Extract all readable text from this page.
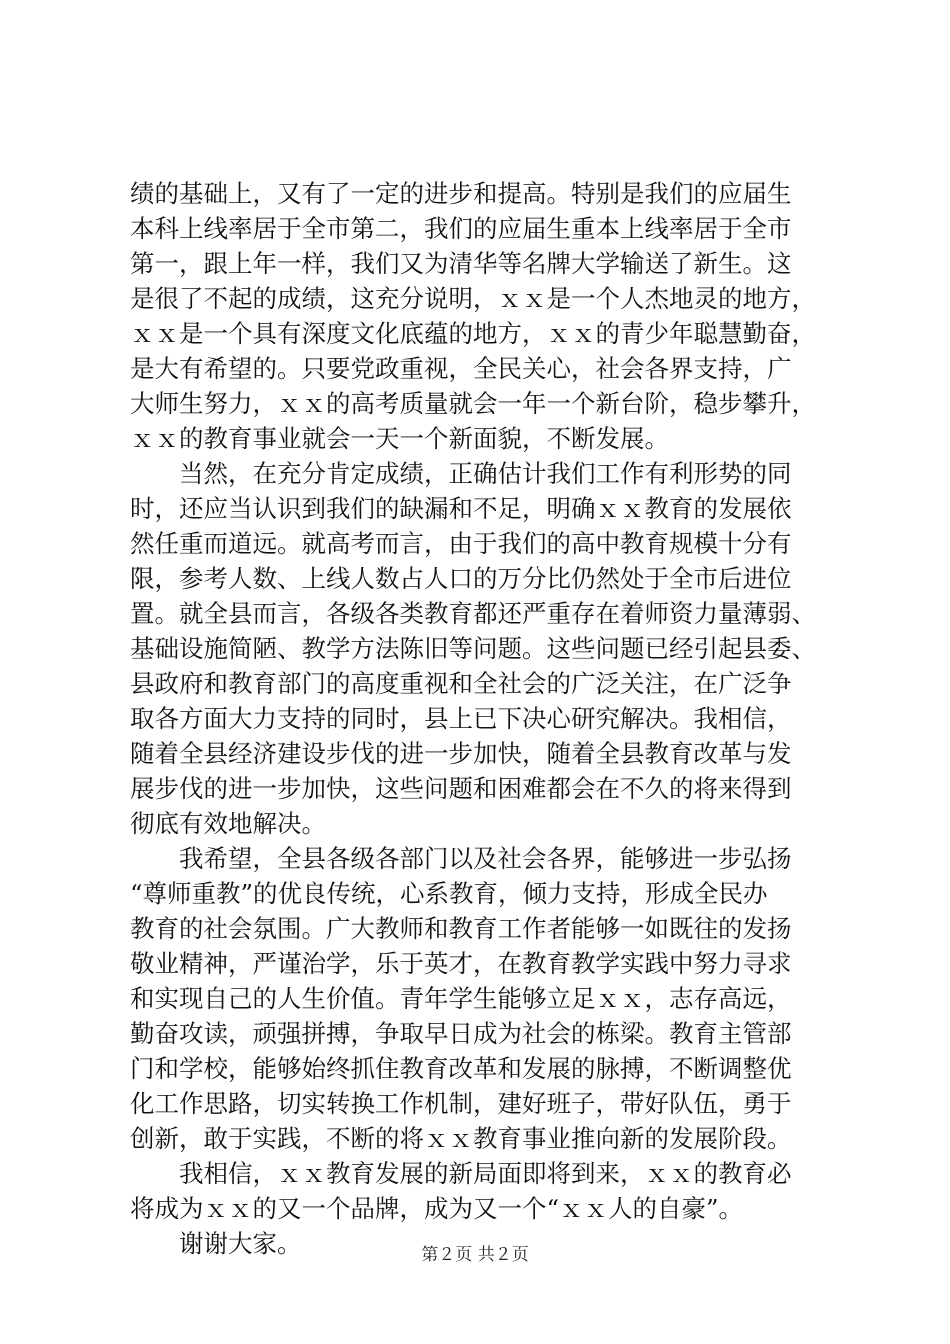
绩的基础上，又有了一定的进步和提高。特别是我们的应届生
本科上线率居于全市第二，我们的应届生重本上线率居于全市
第一，跟上年一样，我们又为清华等名牌大学输送了新生。这
是很了不起的成绩，这充分说明，ｘｘ是一个人杰地灵的地方，
ｘｘ是一个具有深度文化底蕴的地方，ｘｘ的青少年聪慧勤奋，
是大有希望的。只要党政重视，全民关心，社会各界支持，广
大师生努力，ｘｘ的高考质量就会一年一个新台阶，稳步攀升，
ｘｘ的教育事业就会一天一个新面貌，不断发展。
　　当然，在充分肯定成绩，正确估计我们工作有利形势的同
时，还应当认识到我们的缺漏和不足，明确ｘｘ教育的发展依
然任重而道远。就高考而言，由于我们的高中教育规模十分有
限，参考人数、上线人数占人口的万分比仍然处于全市后进位
置。就全县而言，各级各类教育都还严重存在着师资力量薄弱、
基础设施简陋、教学方法陈旧等问题。这些问题已经引起县委、
县政府和教育部门的高度重视和全社会的广泛关注，在广泛争
取各方面大力支持的同时，县上已下决心研究解决。我相信，
随着全县经济建设步伐的进一步加快，随着全县教育改革与发
展步伐的进一步加快，这些问题和困难都会在不久的将来得到
彻底有效地解决。
　　我希望，全县各级各部门以及社会各界，能够进一步弘扬
“尊师重教”的优良传统，心系教育，倾力支持，形成全民办
教育的社会氛围。广大教师和教育工作者能够一如既往的发扬
敬业精神，严谨治学，乐于英才，在教育教学实践中努力寻求
和实现自己的人生价值。青年学生能够立足ｘｘ，志存高远，
勤奋攻读，顽强拼搏，争取早日成为社会的栋梁。教育主管部
门和学校，能够始终抓住教育改革和发展的脉搏，不断调整优
化工作思路，切实转换工作机制，建好班子，带好队伍，勇于
创新，敢于实践，不断的将ｘｘ教育事业推向新的发展阶段。
　　我相信，ｘｘ教育发展的新局面即将到来，ｘｘ的教育必
将成为ｘｘ的又一个品牌，成为又一个“ｘｘ人的自豪”。
　　谢谢大家。	第２页 共２页
